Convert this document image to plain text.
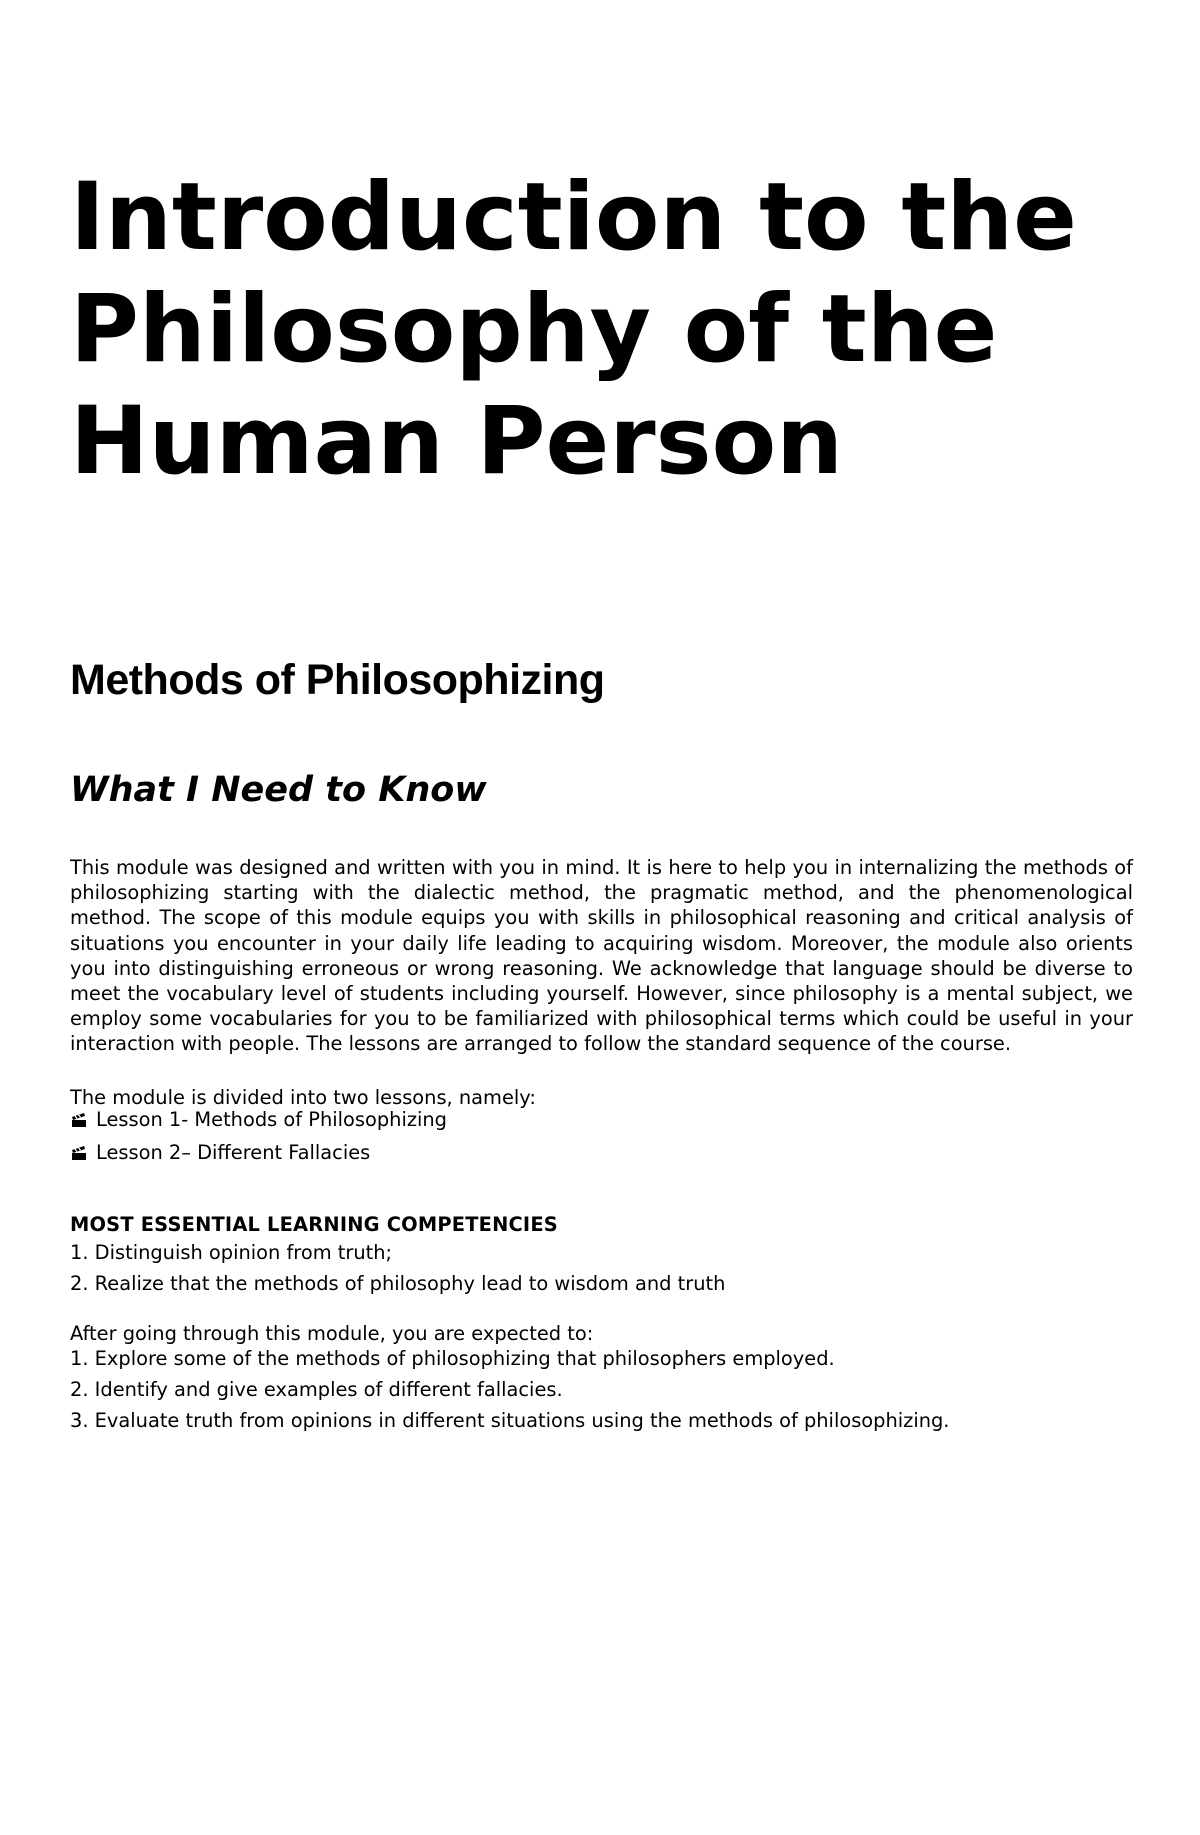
Introduction to the
Philosophy of the
Human Person
Methods of Philosophizing
What I Need to Know

This module was designed and written with you in mind. It is here to help you in internalizing the methods of philosophizing starting with the dialectic method, the pragmatic method, and the phenomenological method. The scope of this module equips you with skills in philosophical reasoning and critical analysis of situations you encounter in your daily life leading to acquiring wisdom. Moreover, the module also orients you into distinguishing erroneous or wrong reasoning. We acknowledge that language should be diverse to meet the vocabulary level of students including yourself. However, since philosophy is a mental subject, we employ some vocabularies for you to be familiarized with philosophical terms which could be useful in your interaction with people. The lessons are arranged to follow the standard sequence of the course.

The module is divided into two lessons, namely:

Lesson 1- Methods of Philosophizing
Lesson 2– Different Fallacies

MOST ESSENTIAL LEARNING COMPETENCIES

1. Distinguish opinion from truth;

2. Realize that the methods of philosophy lead to wisdom and truth

After going through this module, you are expected to:

1. Explore some of the methods of philosophizing that philosophers employed.

2. Identify and give examples of different fallacies.

3. Evaluate truth from opinions in different situations using the methods of philosophizing.
